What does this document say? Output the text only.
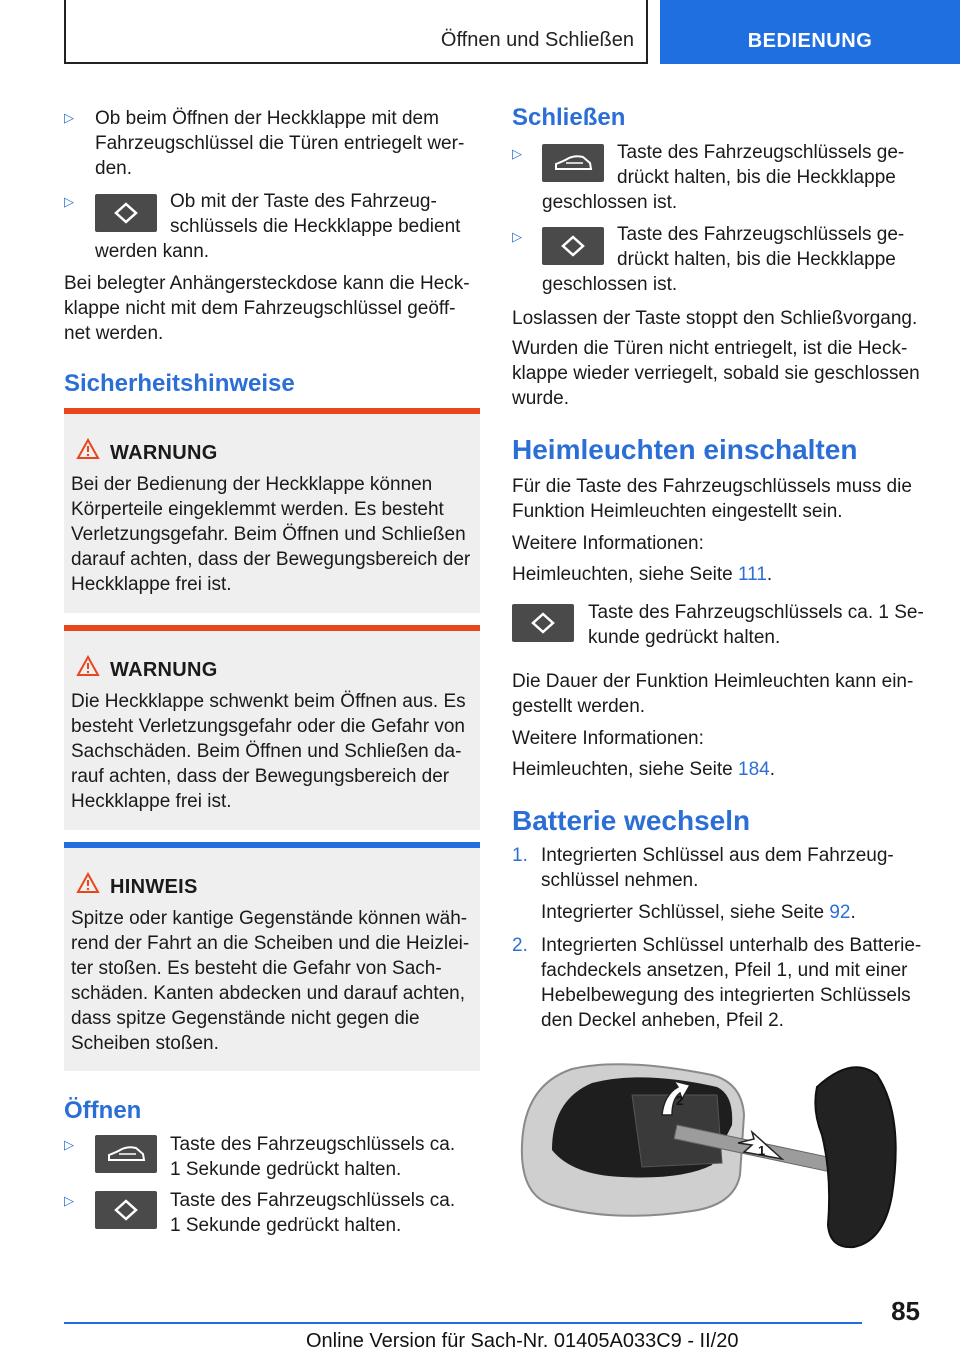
Öffnen und Schließen	BEDIENUNG
▷ Ob beim Öffnen der Heckklappe mit dem
Fahrzeugschlüssel die Türen entriegelt wer-
den.
▷	Ob mit der Taste des Fahrzeug-
schlüssels die Heckklappe bedient
werden kann.
Bei belegter Anhängersteckdose kann die Heck-
klappe nicht mit dem Fahrzeugschlüssel geöff-
net werden.
Sicherheitshinweise
WARNUNG
Bei der Bedienung der Heckklappe können
Körperteile eingeklemmt werden. Es besteht
Verletzungsgefahr. Beim Öffnen und Schließen
darauf achten, dass der Bewegungsbereich der
Heckklappe frei ist.
WARNUNG
Die Heckklappe schwenkt beim Öffnen aus. Es
besteht Verletzungsgefahr oder die Gefahr von
Sachschäden. Beim Öffnen und Schließen da-
rauf achten, dass der Bewegungsbereich der
Heckklappe frei ist.
HINWEIS
Spitze oder kantige Gegenstände können wäh-
rend der Fahrt an die Scheiben und die Heizlei-
ter stoßen. Es besteht die Gefahr von Sach-
schäden. Kanten abdecken und darauf achten,
dass spitze Gegenstände nicht gegen die
Scheiben stoßen.
Öffnen
▷	Taste des Fahrzeugschlüssels ca.
1 Sekunde gedrückt halten.
▷	Taste des Fahrzeugschlüssels ca.
1 Sekunde gedrückt halten.
Schließen
▷	Taste des Fahrzeugschlüssels ge-
drückt halten, bis die Heckklappe
geschlossen ist.
▷	Taste des Fahrzeugschlüssels ge-
drückt halten, bis die Heckklappe
geschlossen ist.
Loslassen der Taste stoppt den Schließvorgang.
Wurden die Türen nicht entriegelt, ist die Heck-
klappe wieder verriegelt, sobald sie geschlossen
wurde.
Heimleuchten einschalten
Für die Taste des Fahrzeugschlüssels muss die
Funktion Heimleuchten eingestellt sein.
Weitere Informationen:
Heimleuchten, siehe Seite 111.
Taste des Fahrzeugschlüssels ca. 1 Se-
kunde gedrückt halten.
Die Dauer der Funktion Heimleuchten kann ein-
gestellt werden.
Weitere Informationen:
Heimleuchten, siehe Seite 184.
Batterie wechseln
1. Integrierten Schlüssel aus dem Fahrzeug-
schlüssel nehmen.
Integrierter Schlüssel, siehe Seite 92.
2. Integrierten Schlüssel unterhalb des Batterie-
fachdeckels ansetzen, Pfeil 1, und mit einer
Hebelbewegung des integrierten Schlüssels
den Deckel anheben, Pfeil 2.
1
2
85
Online Version für Sach-Nr. 01405A033C9 - II/20
